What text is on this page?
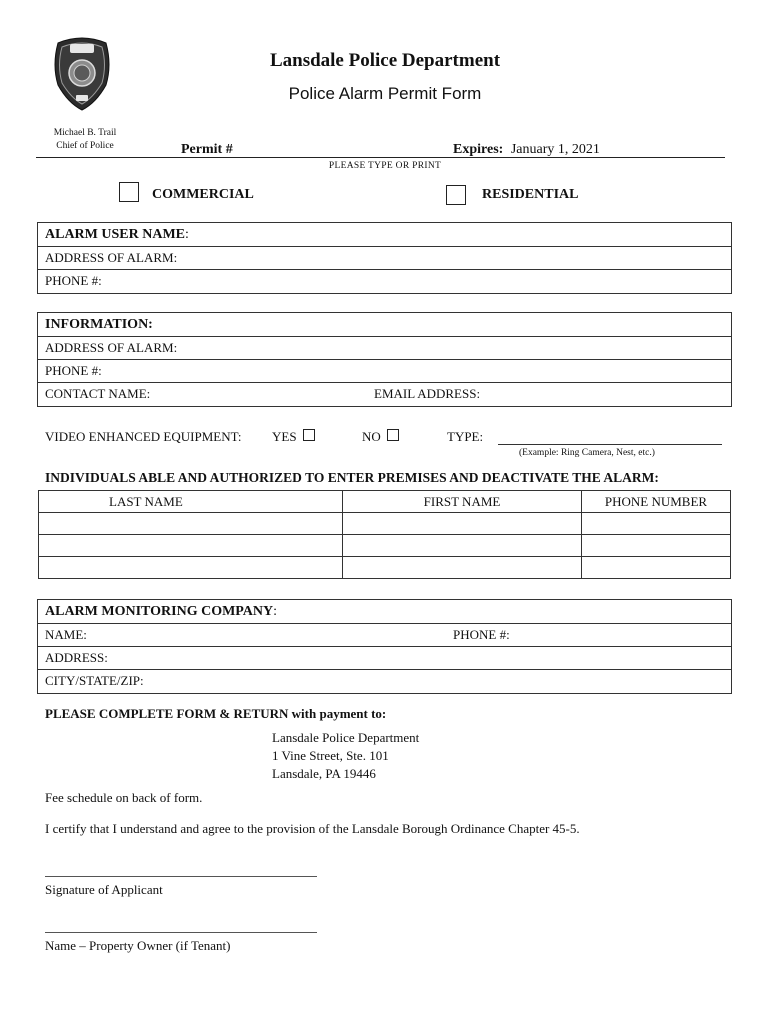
Lansdale Police Department
Police Alarm Permit Form
Michael B. Trail
Chief of Police	Permit #	Expires: January 1, 2021
PLEASE TYPE OR PRINT
COMMERCIAL	RESIDENTIAL
ALARM USER NAME:
ADDRESS OF ALARM:
PHONE #:
INFORMATION:
ADDRESS OF ALARM:
PHONE #:
CONTACT NAME:	EMAIL ADDRESS:
VIDEO ENHANCED EQUIPMENT: YES	NO	TYPE:
(Example: Ring Camera, Nest, etc.)
INDIVIDUALS ABLE AND AUTHORIZED TO ENTER PREMISES AND DEACTIVATE THE ALARM:
LAST NAME	FIRST NAME	PHONE NUMBER

ALARM MONITORING COMPANY:
NAME:	PHONE #:
ADDRESS:
CITY/STATE/ZIP:
PLEASE COMPLETE FORM & RETURN with payment to:
Lansdale Police Department
1 Vine Street, Ste. 101
Lansdale, PA 19446
Fee schedule on back of form.
I certify that I understand and agree to the provision of the Lansdale Borough Ordinance Chapter 45-5.
Signature of Applicant
Name – Property Owner (if Tenant)
